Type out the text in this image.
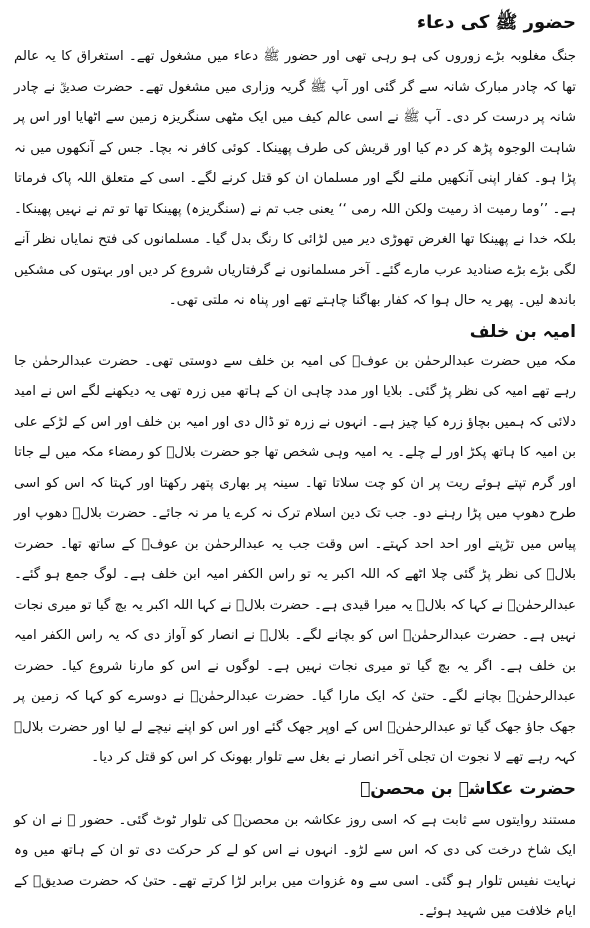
حضور ﷺ کی دعاء

جنگ مغلوبہ بڑے زوروں کی ہو رہی تھی اور حضور ﷺ دعاء میں مشغول تھے۔ استغراق کا یہ عالم تھا کہ چادر مبارک شانہ سے گر گئی اور آپ ﷺ گریہ وزاری میں مشغول تھے۔ حضرت صدیقؓ نے چادر شانہ پر درست کر دی۔ آپ ﷺ نے اسی عالم کیف میں ایک مٹھی سنگریزہ زمین سے اٹھایا اور اس پر شاہت الوجوہ پڑھ کر دم کیا اور قریش کی طرف پھینکا۔ کوئی کافر نہ بچا۔ جس کے آنکھوں میں نہ پڑا ہو۔ کفار اپنی آنکھیں ملنے لگے اور مسلمان ان کو قتل کرنے لگے۔ اسی کے متعلق اللہ پاک فرماتا ہے۔ ’’وما رمیت اذ رمیت ولکن اللہ رمی ‘‘ یعنی جب تم نے (سنگریزہ) پھینکا تھا تو تم نے نہیں پھینکا۔ بلکہ خدا نے پھینکا تھا الغرض تھوڑی دیر میں لڑائی کا رنگ بدل گیا۔ مسلمانوں کی فتح نمایاں نظر آنے لگی بڑے بڑے صنادید عرب مارے گئے۔ آخر مسلمانوں نے گرفتاریاں شروع کر دیں اور بہتوں کی مشکیں باندھ لیں۔ پھر یہ حال ہوا کہ کفار بھاگنا چاہتے تھے اور پناہ نہ ملتی تھی۔

امیہ بن خلف

مکہ میں حضرت عبدالرحمٰن بن عوفؓ کی امیہ بن خلف سے دوستی تھی۔ حضرت عبدالرحمٰن جا رہے تھے امیہ کی نظر پڑ گئی۔ بلایا اور مدد چاہی ان کے ہاتھ میں زرہ تھی یہ دیکھنے لگے اس نے امید دلائی کہ ہمیں بچاؤ زرہ کیا چیز ہے۔ انہوں نے زرہ تو ڈال دی اور امیہ بن خلف اور اس کے لڑکے علی بن امیہ کا ہاتھ پکڑ اور لے چلے۔ یہ امیہ وہی شخص تھا جو حضرت بلالؓ کو رمضاء مکہ میں لے جاتا اور گرم تپتے ہوئے ریت پر ان کو چت سلاتا تھا۔ سینہ پر بھاری پتھر رکھتا اور کہتا کہ اس کو اسی طرح دھوپ میں پڑا رہنے دو۔ جب تک دین اسلام ترک نہ کرے یا مر نہ جائے۔ حضرت بلالؓ دھوپ اور پیاس میں تڑپتے اور احد احد کہتے۔ اس وقت جب یہ عبدالرحمٰن بن عوفؓ کے ساتھ تھا۔ حضرت بلالؓ کی نظر پڑ گئی چلا اٹھے کہ اللہ اکبر یہ تو راس الکفر امیہ ابن خلف ہے۔ لوگ جمع ہو گئے۔ عبدالرحمٰنؓ نے کہا کہ بلالؓ یہ میرا قیدی ہے۔ حضرت بلالؓ نے کہا اللہ اکبر یہ بچ گیا تو میری نجات نہیں ہے۔ حضرت عبدالرحمٰنؓ اس کو بچانے لگے۔ بلالؓ نے انصار کو آواز دی کہ یہ راس الکفر امیہ بن خلف ہے۔ اگر یہ بچ گیا تو میری نجات نہیں ہے۔ لوگوں نے اس کو مارنا شروع کیا۔ حضرت عبدالرحمٰنؓ بچانے لگے۔ حتیٰ کہ ایک مارا گیا۔ حضرت عبدالرحمٰنؓ نے دوسرے کو کہا کہ زمین پر جھک جاؤ جھک گیا تو عبدالرحمٰنؓ اس کے اوپر جھک گئے اور اس کو اپنے نیچے لے لیا اور حضرت بلالؓ کہہ رہے تھے لا نجوت ان تجلی آخر انصار نے بغل سے تلوار بھونک کر اس کو قتل کر دیا۔

حضرت عکاشہ بن محصنؓ

مستند روایتوں سے ثابت ہے کہ اسی روز عکاشہ بن محصنؓ کی تلوار ٹوٹ گئی۔ حضور ﷺ نے ان کو ایک شاخ درخت کی دی کہ اس سے لڑو۔ انہوں نے اس کو لے کر حرکت دی تو ان کے ہاتھ میں وہ نہایت نفیس تلوار ہو گئی۔ اسی سے وہ غزوات میں برابر لڑا کرتے تھے۔ حتیٰ کہ حضرت صدیقؓ کے ایام خلافت میں شہید ہوئے۔
